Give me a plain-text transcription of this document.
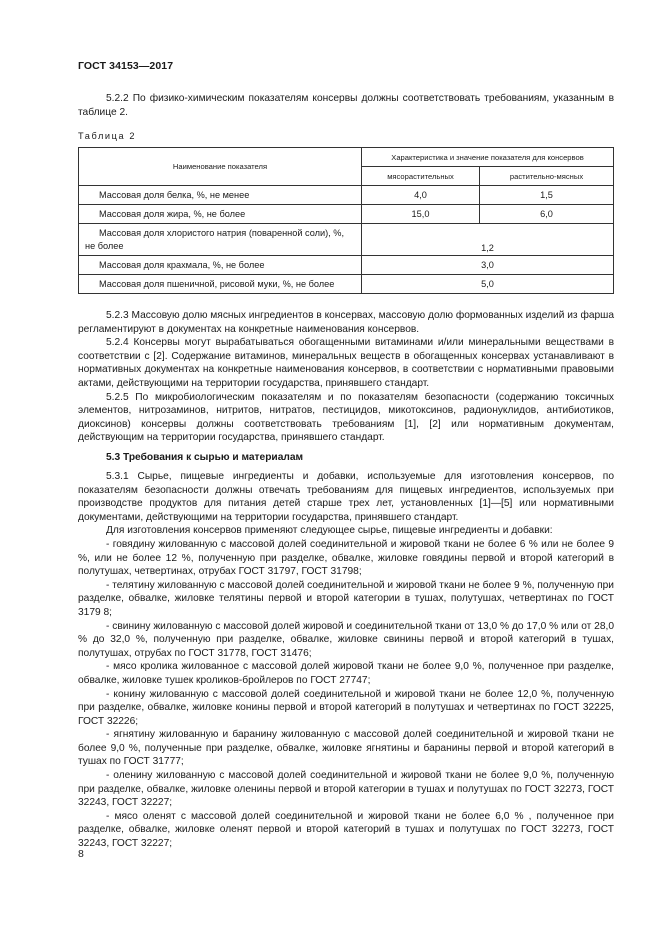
ГОСТ 34153—2017

5.2.2 По физико-химическим показателям консервы должны соответствовать требованиям, указанным в таблице 2.

Таблица 2
Наименование показателя	Характеристика и значение показателя для консервов	
	мясорастительных	растительно-мясных
Массовая доля белка, %, не менее	4,0	1,5
Массовая доля жира, %, не более	15,0	6,0

Массовая доля хлористого натрия (поваренной соли), %, не более	1,2	
Массовая доля крахмала, %, не более	3,0	
Массовая доля пшеничной, рисовой муки, %, не более	5,0	

5.2.3 Массовую долю мясных ингредиентов в консервах, массовую долю формованных изделий из фарша регламентируют в документах на конкретные наименования консервов.

5.2.4 Консервы могут вырабатываться обогащенными витаминами и/или минеральными веществами в соответствии с [2]. Содержание витаминов, минеральных веществ в обогащенных консервах устанавливают в нормативных документах на конкретные наименования консервов, в соответствии с нормативными правовыми актами, действующими на территории государства, принявшего стандарт.

5.2.5 По микробиологическим показателям и по показателям безопасности (содержанию токсичных элементов, нитрозаминов, нитритов, нитратов, пестицидов, микотоксинов, радионуклидов, антибиотиков, диоксинов) консервы должны соответствовать требованиям [1], [2] или нормативным документам, действующим на территории государства, принявшего стандарт.

5.3 Требования к сырью и материалам

5.3.1 Сырье, пищевые ингредиенты и добавки, используемые для изготовления консервов, по показателям безопасности должны отвечать требованиям для пищевых ингредиентов, используемых при производстве продуктов для питания детей старше трех лет, установленных [1]—[5] или нормативными документами, действующими на территории государства, принявшего стандарт.

Для изготовления консервов применяют следующее сырье, пищевые ингредиенты и добавки:

- говядину жилованную с массовой долей соединительной и жировой ткани не более 6 % или не более 9 %, или не более 12 %, полученную при разделке, обвалке, жиловке говядины первой и второй категорий в полутушах, четвертинах, отрубах ГОСТ 31797, ГОСТ 31798;

- телятину жилованную с массовой долей соединительной и жировой ткани не более 9 %, полученную при разделке, обвалке, жиловке телятины первой и второй категории в тушах, полутушах, четвертинах по ГОСТ 3179 8;

- свинину жилованную с массовой долей жировой и соединительной ткани от 13,0 % до 17,0 % или от 28,0 % до 32,0 %, полученную при разделке, обвалке, жиловке свинины первой и второй категорий в тушах, полутушах, отрубах по ГОСТ 31778, ГОСТ 31476;

- мясо кролика жилованное с массовой долей жировой ткани не более 9,0 %, полученное при разделке, обвалке, жиловке тушек кроликов-бройлеров по ГОСТ 27747;

- конину жилованную с массовой долей соединительной и жировой ткани не более 12,0 %, полученную при разделке, обвалке, жиловке конины первой и второй категорий в полутушах и четвертинах по ГОСТ 32225, ГОСТ 32226;

- ягнятину жилованную и баранину жилованную с массовой долей соединительной и жировой ткани не более 9,0 %, полученные при разделке, обвалке, жиловке ягнятины и баранины первой и второй категорий в тушах по ГОСТ 31777;

- оленину жилованную с массовой долей соединительной и жировой ткани не более 9,0 %, полученную при разделке, обвалке, жиловке оленины первой и второй категории в тушах и полутушах по ГОСТ 32273, ГОСТ 32243, ГОСТ 32227;

- мясо оленят с массовой долей соединительной и жировой ткани не более 6,0 % , полученное при разделке, обвалке, жиловке оленят первой и второй категорий в тушах и полутушах по ГОСТ 32273, ГОСТ 32243, ГОСТ 32227;

8
